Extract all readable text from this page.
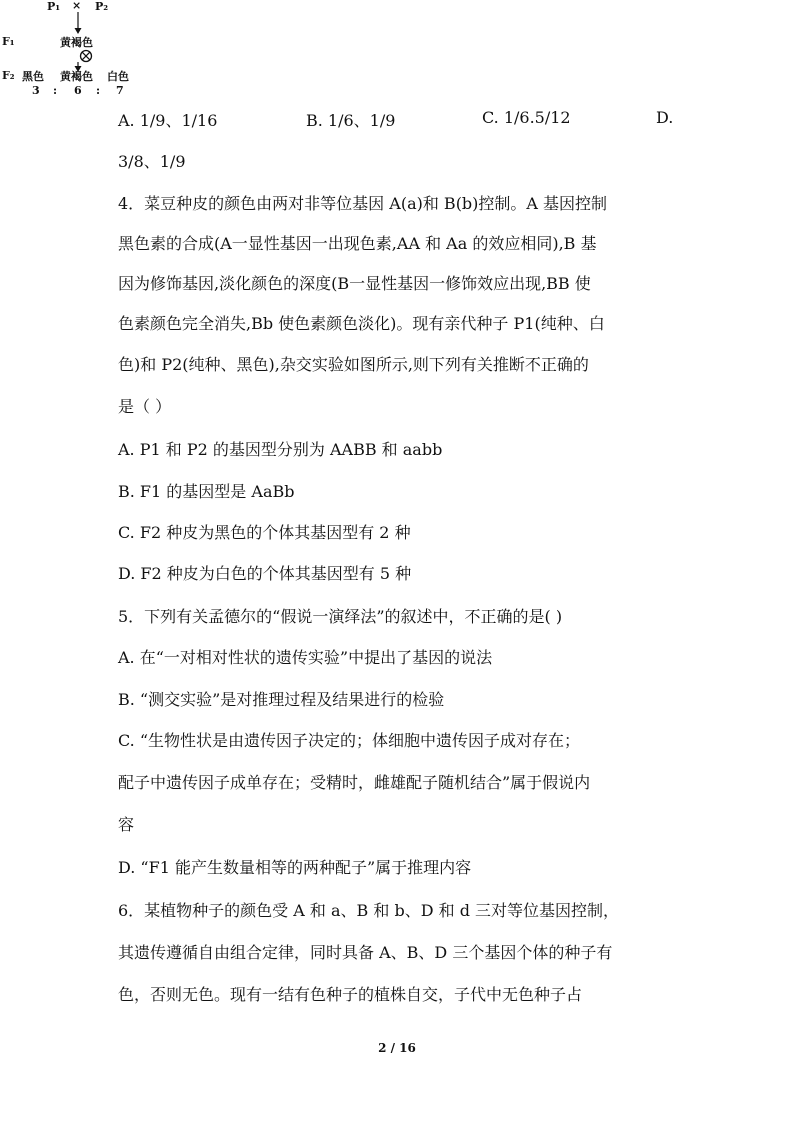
P₁ × P₂
F₁	黄褐色
F₂ 黑色 黄褐色 白色
3 : 6 : 7
A. 1/9、1/16	B. 1/6、1/9	C. 1/6.5/12	D.
3/8、1/9
4．菜豆种皮的颜色由两对非等位基因 A(a)和 B(b)控制。A 基因控制
黑色素的合成(A一显性基因一出现色素,AA 和 Aa 的效应相同),B 基
因为修饰基因,淡化颜色的深度(B一显性基因一修饰效应出现,BB 使
色素颜色完全消失,Bb 使色素颜色淡化)。现有亲代种子 P1(纯种、白
色)和 P2(纯种、黑色),杂交实验如图所示,则下列有关推断不正确的
是（ ）
A. P1 和 P2 的基因型分别为 AABB 和 aabb
B. F1 的基因型是 AaBb
C. F2 种皮为黑色的个体其基因型有 2 种
D. F2 种皮为白色的个体其基因型有 5 种
5．下列有关孟德尔的“假说一演绎法”的叙述中，不正确的是( )
A. 在“一对相对性状的遗传实验”中提出了基因的说法
B. “测交实验”是对推理过程及结果进行的检验
C. “生物性状是由遗传因子决定的；体细胞中遗传因子成对存在；
配子中遗传因子成单存在；受精时，雌雄配子随机结合”属于假说内
容
D. “F1 能产生数量相等的两种配子”属于推理内容
6．某植物种子的颜色受 A 和 a、B 和 b、D 和 d 三对等位基因控制，
其遗传遵循自由组合定律，同时具备 A、B、D 三个基因个体的种子有
色，否则无色。现有一结有色种子的植株自交，子代中无色种子占
2 / 16
